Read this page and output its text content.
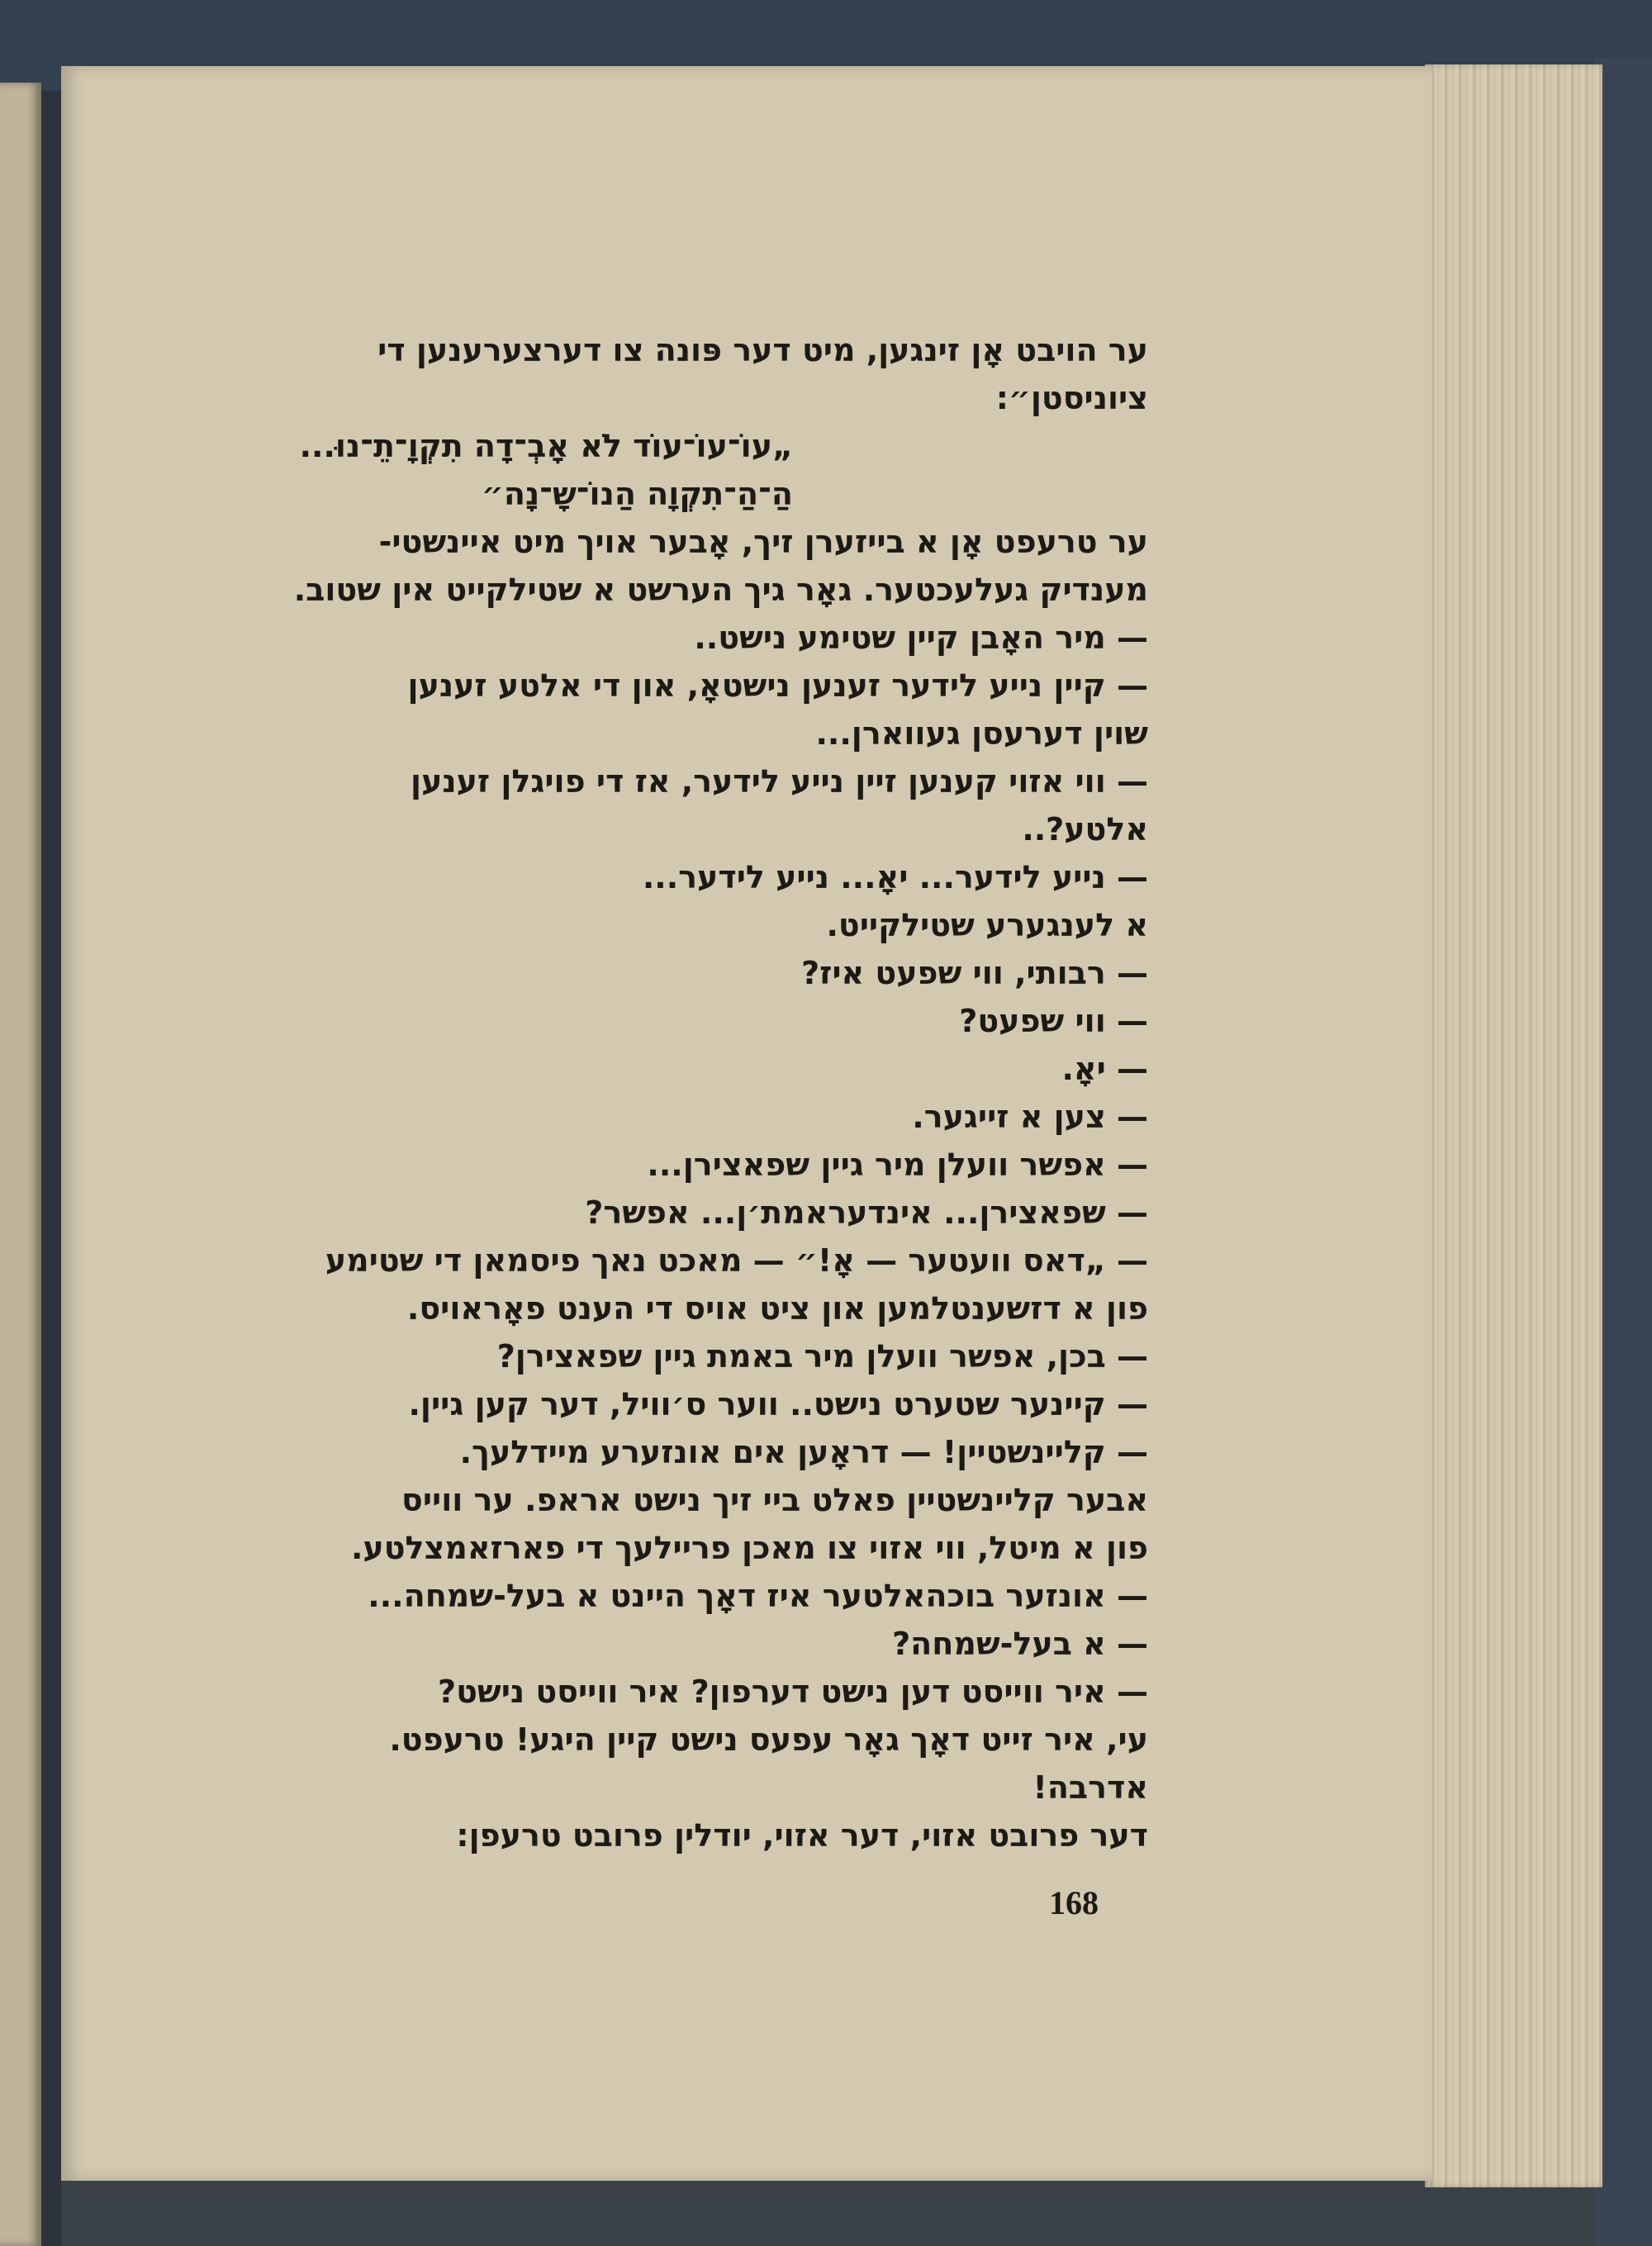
ער הויבט אָן זינגען, מיט דער פּונה צו דערצערענען די
ציוניסטן״:
„עוֹ־עוֹ־עוֹד לֹא אָבְ־דָה תִקְוָ־תֵ־נוּ...
הַ־הַ־תִקְוָה הַנוֹ־שָ־נָה״
ער טרעפט אָן א בייזערן זיך, אָבער אויך מיט איינשטי-
מענדיק געלעכטער. גאָר גיך הערשט א שטילקייט אין שטוב.
— מיר האָבן קיין שטימע נישט..
— קיין נייע לידער זענען נישטאָ, און די אלטע זענען
שוין דערעסן געווארן...
— ווי אזוי קענען זיין נייע לידער, אז די פויגלן זענען
אלטע?..
— נייע לידער... יאָ... נייע לידער...
א לענגערע שטילקייט.
— רבותי, ווי שפעט איז?
— ווי שפעט?
— יאָ.
— צען א זייגער.
— אפשר וועלן מיר גיין שפאצירן...
— שפאצירן... אינדעראמת׳ן... אפשר?
— „דאס וועטער — אָ!״ — מאכט נאך פיסמאן די שטימע
פון א דזשענטלמען און ציט אויס די הענט פאָראויס.
— בכן, אפשר וועלן מיר באמת גיין שפאצירן?
— קיינער שטערט נישט.. ווער ס׳וויל, דער קען גיין.
— קליינשטיין! — דראָען אים אונזערע מיידלעך.
אבער קליינשטיין פאלט ביי זיך נישט אראפ. ער ווייס
פון א מיטל, ווי אזוי צו מאכן פריילעך די פארזאמצלטע.
— אונזער בוכהאלטער איז דאָך היינט א בעל-שמחה...
— א בעל-שמחה?
— איר ווייסט דען נישט דערפון? איר ווייסט נישט?
עי, איר זייט דאָך גאָר עפעס נישט קיין היגע! טרעפט.
אדרבה!
דער פרובט אזוי, דער אזוי, יודלין פרובט טרעפן:
168
